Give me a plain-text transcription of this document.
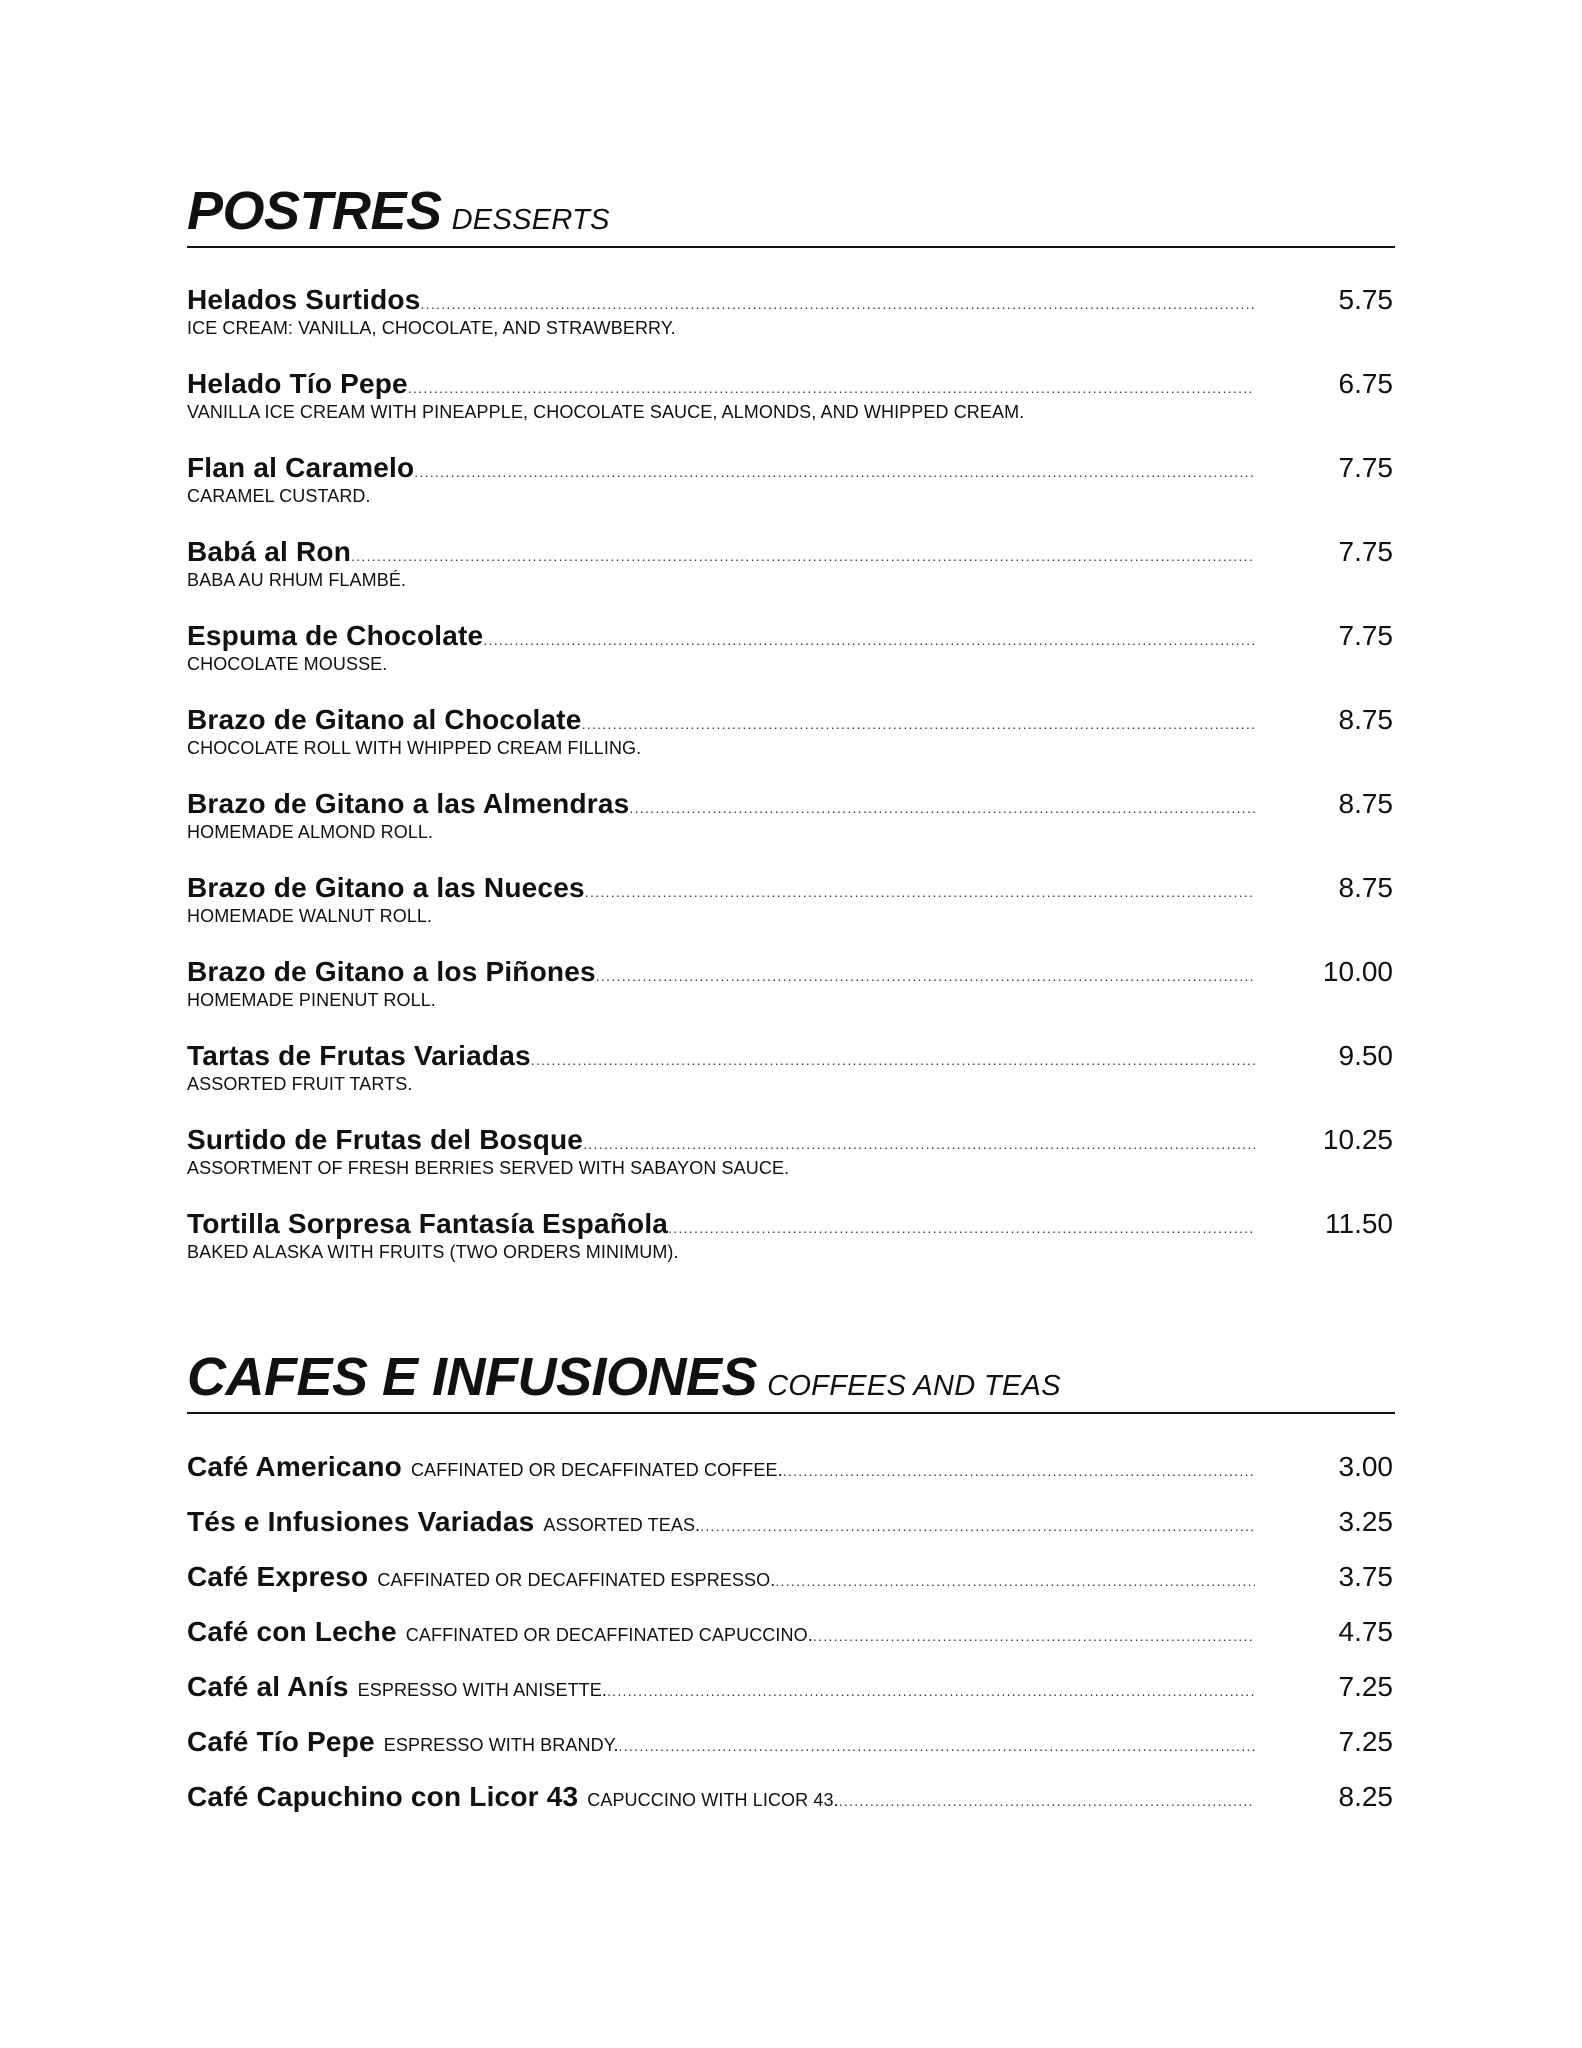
POSTRES DESSERTS
Helados Surtidos .....	5.75
ICE CREAM: VANILLA, CHOCOLATE, AND STRAWBERRY.
Helado Tío Pepe .....	6.75
VANILLA ICE CREAM WITH PINEAPPLE, CHOCOLATE SAUCE, ALMONDS, AND WHIPPED CREAM.
Flan al Caramelo .....	7.75
CARAMEL CUSTARD.
Babá al Ron .....	7.75
BABA AU RHUM FLAMBÉ.
Espuma de Chocolate .....	7.75
CHOCOLATE MOUSSE.
Brazo de Gitano al Chocolate .....	8.75
CHOCOLATE ROLL WITH WHIPPED CREAM FILLING.
Brazo de Gitano a las Almendras .....	8.75
HOMEMADE ALMOND ROLL.
Brazo de Gitano a las Nueces .....	8.75
HOMEMADE WALNUT ROLL.
Brazo de Gitano a los Piñones .....	10.00
HOMEMADE PINENUT ROLL.
Tartas de Frutas Variadas .....	9.50
ASSORTED FRUIT TARTS.
Surtido de Frutas del Bosque .....	10.25
ASSORTMENT OF FRESH BERRIES SERVED WITH SABAYON SAUCE.
Tortilla Sorpresa Fantasía Española .....	11.50
BAKED ALASKA WITH FRUITS (TWO ORDERS MINIMUM).
CAFES E INFUSIONES COFFEES AND TEAS
Café Americano CAFFINATED OR DECAFFINATED COFFEE. .....	3.00
Tés e Infusiones Variadas ASSORTED TEAS. .....	3.25
Café Expreso CAFFINATED OR DECAFFINATED ESPRESSO. .....	3.75
Café con Leche CAFFINATED OR DECAFFINATED CAPUCCINO. .....	4.75
Café al Anís ESPRESSO WITH ANISETTE. .....	7.25
Café Tío Pepe ESPRESSO WITH BRANDY. .....	7.25
Café Capuchino con Licor 43 CAPUCCINO WITH LICOR 43. .....	8.25
